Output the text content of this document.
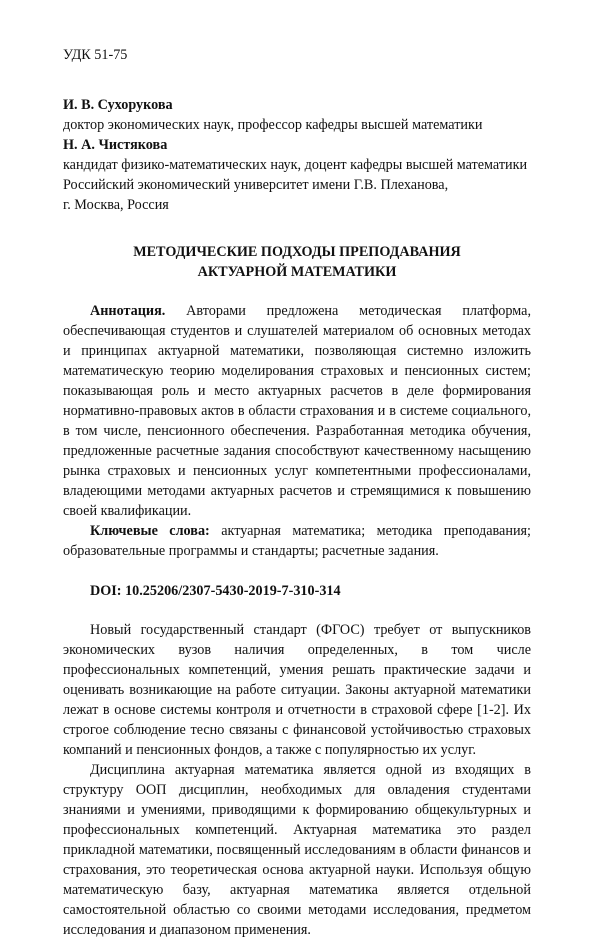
УДК 51-75

И. В. Сухорукова

доктор экономических наук, профессор кафедры высшей математики

Н. А. Чистякова

кандидат физико-математических наук, доцент кафедры высшей математики

Российский экономический университет имени Г.В. Плеханова,

г. Москва, Россия

МЕТОДИЧЕСКИЕ ПОДХОДЫ ПРЕПОДАВАНИЯ
АКТУАРНОЙ МАТЕМАТИКИ

Аннотация. Авторами предложена методическая платформа, обеспечивающая студентов и слушателей материалом об основных методах и принципах актуарной математики, позволяющая системно изложить математическую теорию моделирования страховых и пенсионных систем; показывающая роль и место актуарных расчетов в деле формирования нормативно-правовых актов в области страхования и в системе социального, в том числе, пенсионного обеспечения. Разработанная методика обучения, предложенные расчетные задания способствуют качественному насыщению рынка страховых и пенсионных услуг компетентными профессионалами, владеющими методами актуарных расчетов и стремящимися к повышению своей квалификации.

Ключевые слова: актуарная математика; методика преподавания; образовательные программы и стандарты; расчетные задания.

DOI: 10.25206/2307-5430-2019-7-310-314

Новый государственный стандарт (ФГОС) требует от выпускников экономических вузов наличия определенных, в том числе профессиональных компетенций, умения решать практические задачи и оценивать возникающие на работе ситуации. Законы актуарной математики лежат в основе системы контроля и отчетности в страховой сфере [1-2]. Их строгое соблюдение тесно связаны с финансовой устойчивостью страховых компаний и пенсионных фондов, а также с популярностью их услуг.

Дисциплина актуарная математика является одной из входящих в структуру ООП дисциплин, необходимых для овладения студентами знаниями и умениями, приводящими к формированию общекультурных и профессиональных компетенций. Актуарная математика это раздел прикладной математики, посвященный исследованиям в области финансов и страхования, это теоретическая основа актуарной науки. Используя общую математическую базу, актуарная математика является отдельной самостоятельной областью со своими методами исследования, предметом исследования и диапазоном применения.
